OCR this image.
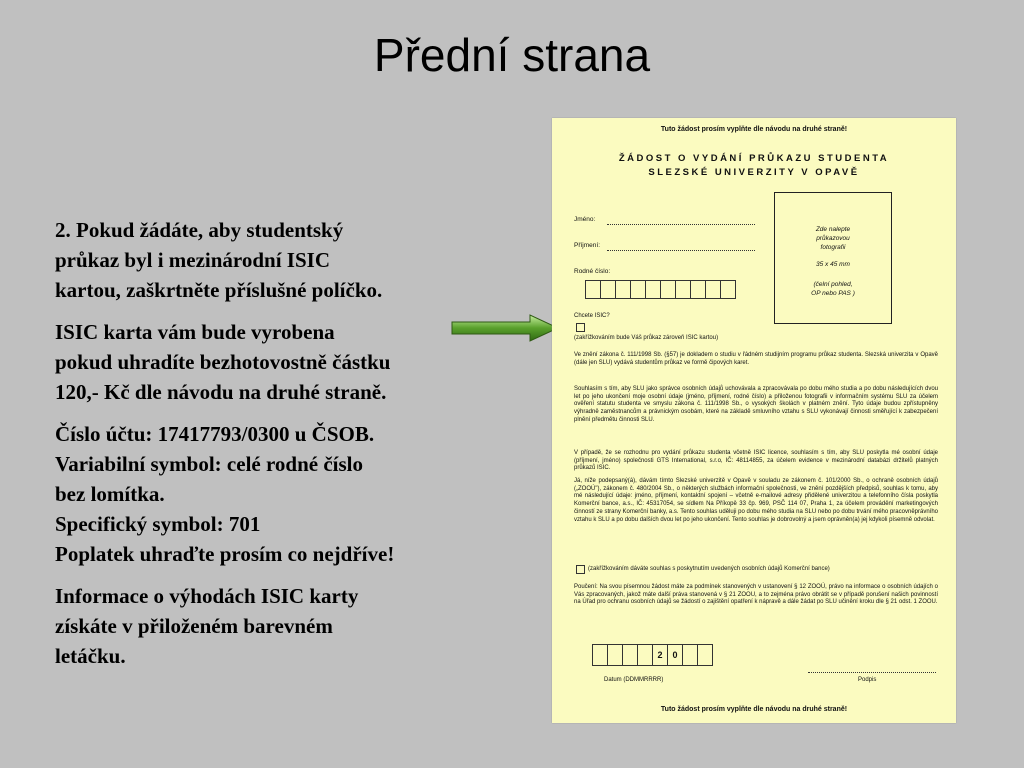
Přední strana

2. Pokud žádáte, aby studentský
průkaz byl i mezinárodní ISIC
kartou, zaškrtněte příslušné políčko.

ISIC karta vám bude vyrobena
pokud uhradíte bezhotovostně částku
120,- Kč dle návodu na druhé straně.

Číslo účtu: 17417793/0300 u ČSOB.
Variabilní symbol: celé rodné číslo
bez lomítka.
Specifický symbol: 701
Poplatek uhraďte prosím co nejdříve!

Informace o výhodách ISIC karty
získáte v přiloženém barevném
letáčku.

Tuto žádost prosím vyplňte dle návodu na druhé straně!
ŽÁDOST O VYDÁNÍ PRŮKAZU STUDENTA
SLEZSKÉ UNIVERZITY V OPAVĚ
Jméno:
Příjmení:
Rodné číslo:
Zde nalepte
průkazovou
fotografii
35 x 45 mm
(čelní pohled,
OP nebo PAS )
Chcete ISIC?
(zakřížkováním bude Váš průkaz zároveň ISIC kartou)
Ve znění zákona č. 111/1998 Sb. (§57) je dokladem o studiu v řádném studijním programu průkaz studenta. Slezská univerzita v Opavě (dále jen SLU) vydává studentům průkaz ve formě čipových karet.
Souhlasím s tím, aby SLU jako správce osobních údajů uchovávala a zpracovávala po dobu mého studia a po dobu následujících dvou let po jeho ukončení moje osobní údaje (jméno, příjmení, rodné číslo) a přiloženou fotografii v informačním systému SLU za účelem ověření statutu studenta ve smyslu zákona č. 111/1998 Sb., o vysokých školách v platném znění. Tyto údaje budou zpřístupněny výhradně zaměstnancům a právnickým osobám, které na základě smluvního vztahu s SLU vykonávají činnosti směřující k zabezpečení plnění předmětu činnosti SLU.
V případě, že se rozhodnu pro vydání průkazu studenta včetně ISIC licence, souhlasím s tím, aby SLU poskytla mé osobní údaje (příjmení, jméno) společnosti GTS International, s.r.o, IČ: 48114855, za účelem evidence v mezinárodní databázi držitelů platných průkazů ISIC.
Já, níže podepsaný(á), dávám tímto Slezské univerzitě v Opavě v souladu ze zákonem č. 101/2000 Sb., o ochraně osobních údajů („ZOOÚ"), zákonem č. 480/2004 Sb., o některých službách informační společnosti, ve znění pozdějších předpisů, souhlas k tomu, aby mé následující údaje: jméno, příjmení, kontaktní spojení – včetně e-mailové adresy přidělené univerzitou a telefonního čísla poskytla Komerční bance, a.s., IČ: 45317054, se sídlem Na Příkopě 33 čp. 969, PSČ 114 07, Praha 1, za účelem provádění marketingových činností ze strany Komerční banky, a.s. Tento souhlas uděluji po dobu mého studia na SLU nebo po dobu trvání mého pracovněprávního vztahu k SLU a po dobu dalších dvou let po jeho ukončení. Tento souhlas je dobrovolný a jsem oprávněn(a) jej kdykoli písemně odvolat.
(zakřížkováním dáváte souhlas s poskytnutím uvedených osobních údajů Komerční bance)
Poučení: Na svou písemnou žádost máte za podmínek stanovených v ustanovení § 12 ZOOÚ, právo na informace o osobních údajích o Vás zpracovaných, jakož máte další práva stanovená v § 21 ZOOU, a to zejména právo obrátit se v případě porušení našich povinností na Úřad pro ochranu osobních údajů se žádostí o zajištění opatření k nápravě a dále žádat po SLU učinění kroku dle § 21 odst. 1 ZOOU.
2	0
Datum (DDMMRRRR)	Podpis
Tuto žádost prosím vyplňte dle návodu na druhé straně!
